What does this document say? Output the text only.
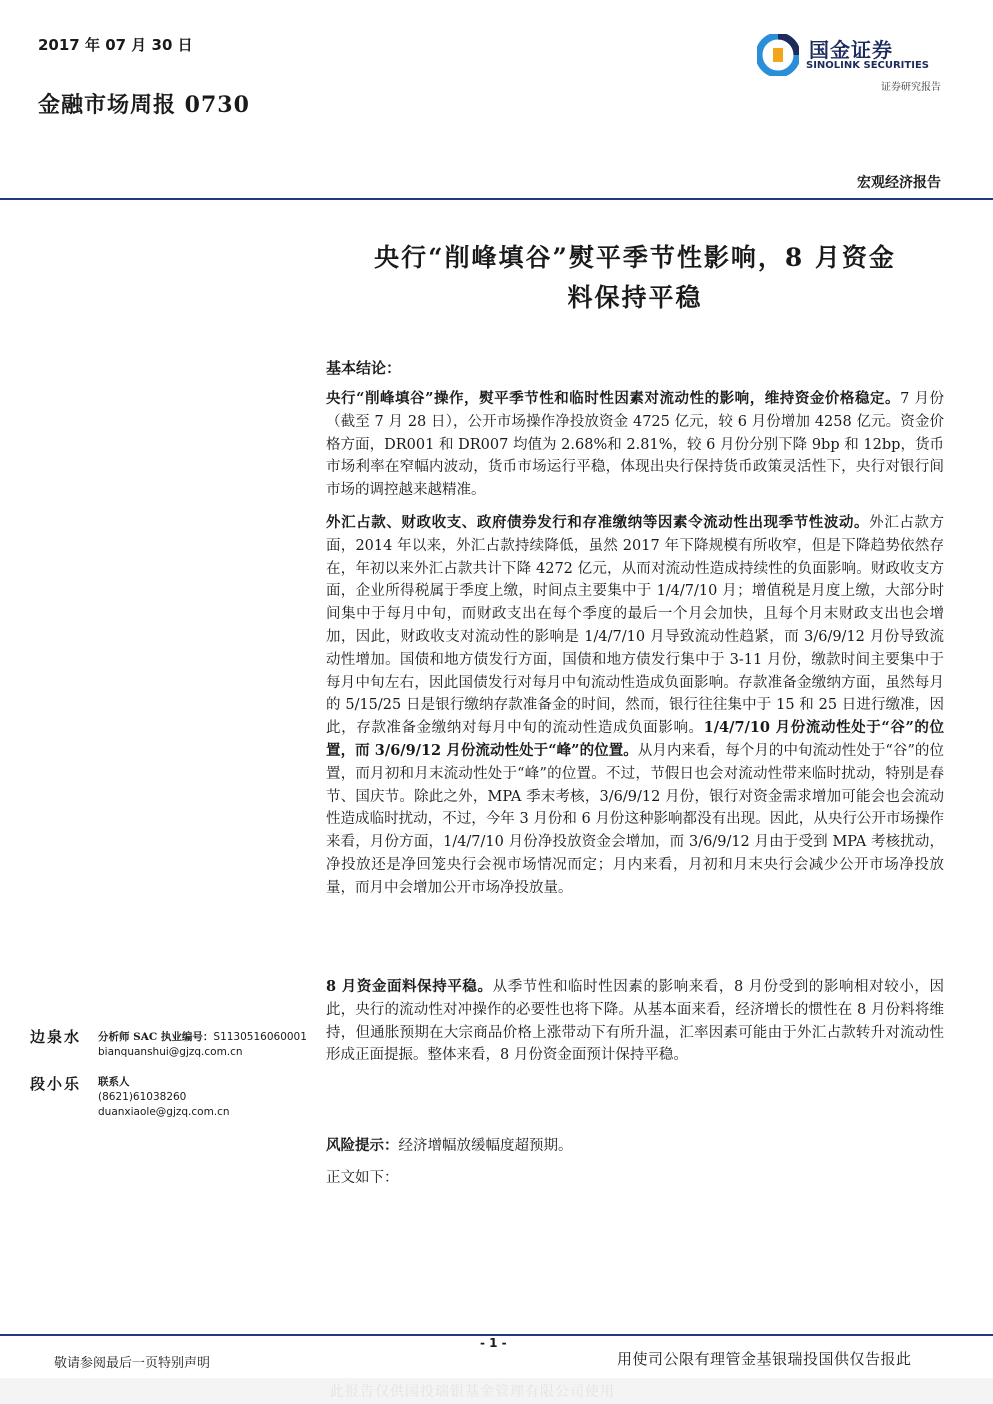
2017 年 07 月 30 日
金融市场周报 0730
国金证券
SINOLINK SECURITIES
证券研究报告
宏观经济报告
央行“削峰填谷”熨平季节性影响，8 月资金
料保持平稳
基本结论：

央行“削峰填谷”操作，熨平季节性和临时性因素对流动性的影响，维持资金价格稳定。7 月份（截至 7 月 28 日），公开市场操作净投放资金 4725 亿元，较 6 月份增加 4258 亿元。资金价格方面，DR001 和 DR007 均值为 2.68%和 2.81%，较 6 月份分别下降 9bp 和 12bp，货币市场利率在窄幅内波动，货币市场运行平稳，体现出央行保持货币政策灵活性下，央行对银行间市场的调控越来越精准。

外汇占款、财政收支、政府债券发行和存准缴纳等因素令流动性出现季节性波动。外汇占款方面，2014 年以来，外汇占款持续降低，虽然 2017 年下降规模有所收窄，但是下降趋势依然存在，年初以来外汇占款共计下降 4272 亿元，从而对流动性造成持续性的负面影响。财政收支方面，企业所得税属于季度上缴，时间点主要集中于 1/4/7/10 月；增值税是月度上缴，大部分时间集中于每月中旬，而财政支出在每个季度的最后一个月会加快，且每个月末财政支出也会增加，因此，财政收支对流动性的影响是 1/4/7/10 月导致流动性趋紧，而 3/6/9/12 月份导致流动性增加。国债和地方债发行方面，国债和地方债发行集中于 3-11 月份，缴款时间主要集中于每月中旬左右，因此国债发行对每月中旬流动性造成负面影响。存款准备金缴纳方面，虽然每月的 5/15/25 日是银行缴纳存款准备金的时间，然而，银行往往集中于 15 和 25 日进行缴准，因此，存款准备金缴纳对每月中旬的流动性造成负面影响。1/4/7/10 月份流动性处于“谷”的位置，而 3/6/9/12 月份流动性处于“峰”的位置。从月内来看，每个月的中旬流动性处于“谷”的位置，而月初和月末流动性处于“峰”的位置。不过，节假日也会对流动性带来临时扰动，特别是春节、国庆节。除此之外，MPA 季末考核，3/6/9/12 月份，银行对资金需求增加可能会也会流动性造成临时扰动，不过，今年 3 月份和 6 月份这种影响都没有出现。因此，从央行公开市场操作来看，月份方面，1/4/7/10 月份净投放资金会增加，而 3/6/9/12 月由于受到 MPA 考核扰动，净投放还是净回笼央行会视市场情况而定；月内来看，月初和月末央行会减少公开市场净投放量，而月中会增加公开市场净投放量。

8 月资金面料保持平稳。从季节性和临时性因素的影响来看，8 月份受到的影响相对较小，因此，央行的流动性对冲操作的必要性也将下降。从基本面来看，经济增长的惯性在 8 月份料将维持，但通胀预期在大宗商品价格上涨带动下有所升温，汇率因素可能由于外汇占款转升对流动性形成正面提振。整体来看，8 月份资金面预计保持平稳。

风险提示：经济增幅放缓幅度超预期。
正文如下：
边泉水 分析师 SAC 执业编号：S1130516060001
bianquanshui@gjzq.com.cn
段小乐 联系人
(8621)61038260
duanxiaole@gjzq.com.cn
- 1 -
敬请参阅最后一页特别声明	用使司公限有理管金基银瑞投国供仅告报此
此报告仅供国投瑞银基金管理有限公司使用
